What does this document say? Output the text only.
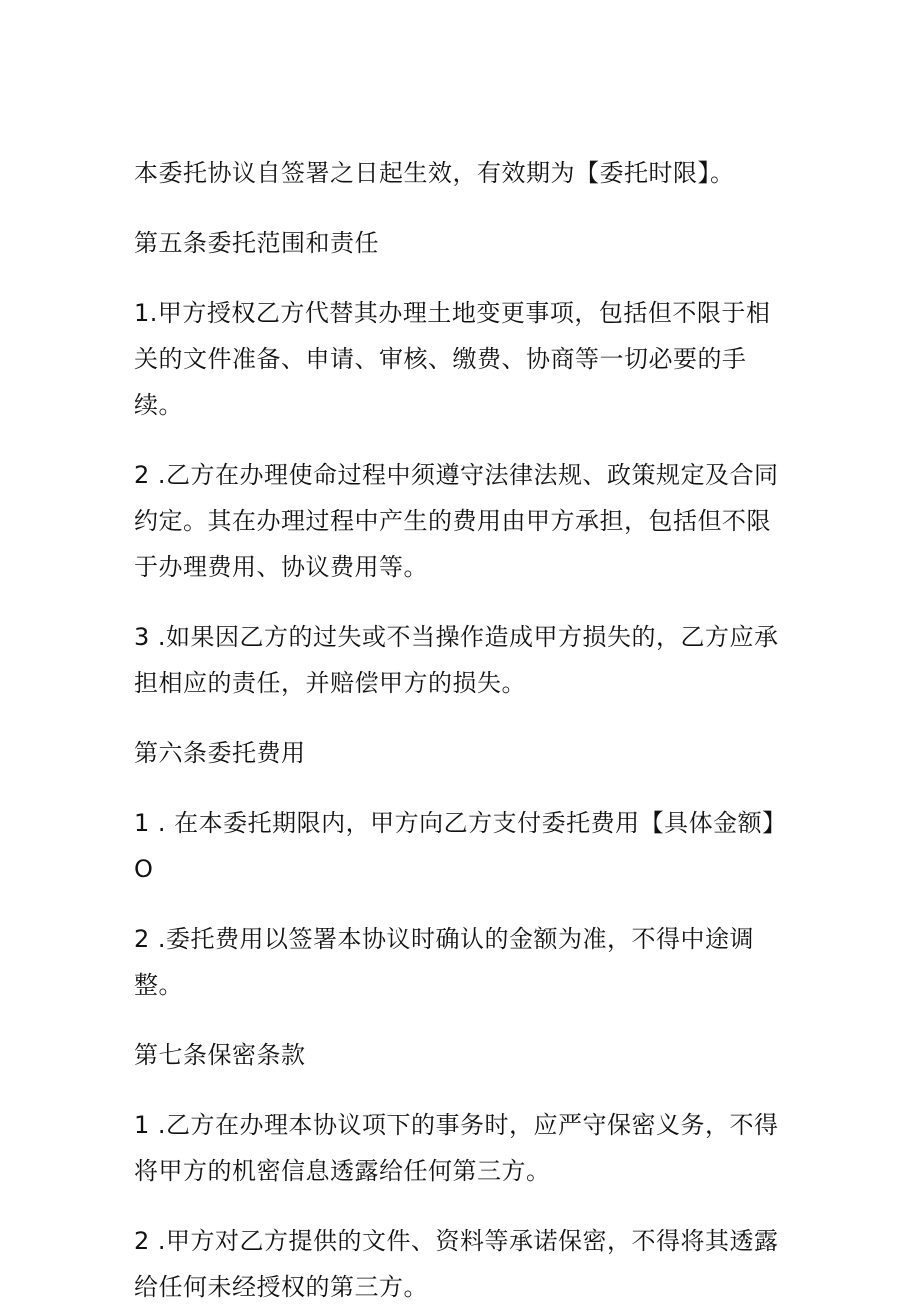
本委托协议自签署之日起生效，有效期为【委托时限】。

第五条委托范围和责任

1.甲方授权乙方代替其办理土地变更事项，包括但不限于相关的文件准备、申请、审核、缴费、协商等一切必要的手续。

2 .乙方在办理使命过程中须遵守法律法规、政策规定及合同约定。其在办理过程中产生的费用由甲方承担，包括但不限于办理费用、协议费用等。

3 .如果因乙方的过失或不当操作造成甲方损失的，乙方应承担相应的责任，并赔偿甲方的损失。

第六条委托费用

1 . 在本委托期限内，甲方向乙方支付委托费用【具体金额】O

2 .委托费用以签署本协议时确认的金额为准，不得中途调整。

第七条保密条款

1 .乙方在办理本协议项下的事务时，应严守保密义务，不得将甲方的机密信息透露给任何第三方。

2 .甲方对乙方提供的文件、资料等承诺保密，不得将其透露给任何未经授权的第三方。
